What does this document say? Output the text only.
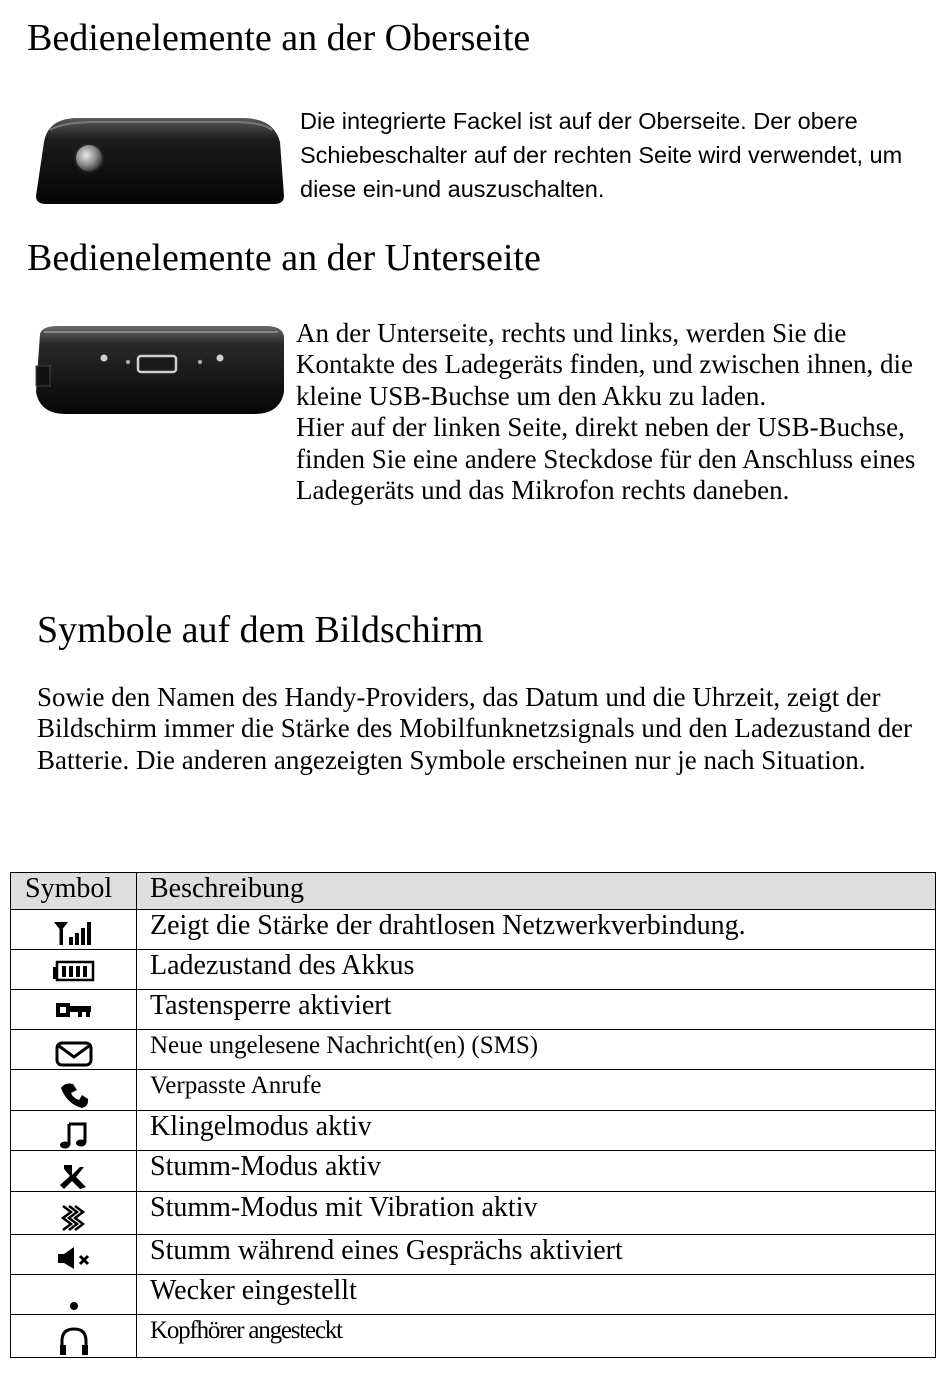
Bedienelemente an der Oberseite

Die integrierte Fackel ist auf der Oberseite. Der obere Schiebeschalter auf der rechten Seite wird verwendet, um diese ein-und auszuschalten.

Bedienelemente an der Unterseite
An der Unterseite, rechts und links, werden Sie die Kontakte des Ladegeräts finden, und zwischen ihnen, die kleine USB-Buchse um den Akku zu laden.
Hier auf der linken Seite, direkt neben der USB-Buchse, finden Sie eine andere Steckdose für den Anschluss eines Ladegeräts und das Mikrofon rechts daneben.
Symbole auf dem Bildschirm

Sowie den Namen des Handy-Providers, das Datum und die Uhrzeit, zeigt der Bildschirm immer die Stärke des Mobilfunknetzsignals und den Ladezustand der Batterie. Die anderen angezeigten Symbole erscheinen nur je nach Situation.

Symbol	Beschreibung
	Zeigt die Stärke der drahtlosen Netzwerkverbindung.
	Ladezustand des Akkus
	Tastensperre aktiviert
	Neue ungelesene Nachricht(en) (SMS)
	Verpasste Anrufe
	Klingelmodus aktiv
	Stumm-Modus aktiv
	Stumm-Modus mit Vibration aktiv
	Stumm während eines Gesprächs aktiviert
	Wecker eingestellt
	Kopfhörer angesteckt
